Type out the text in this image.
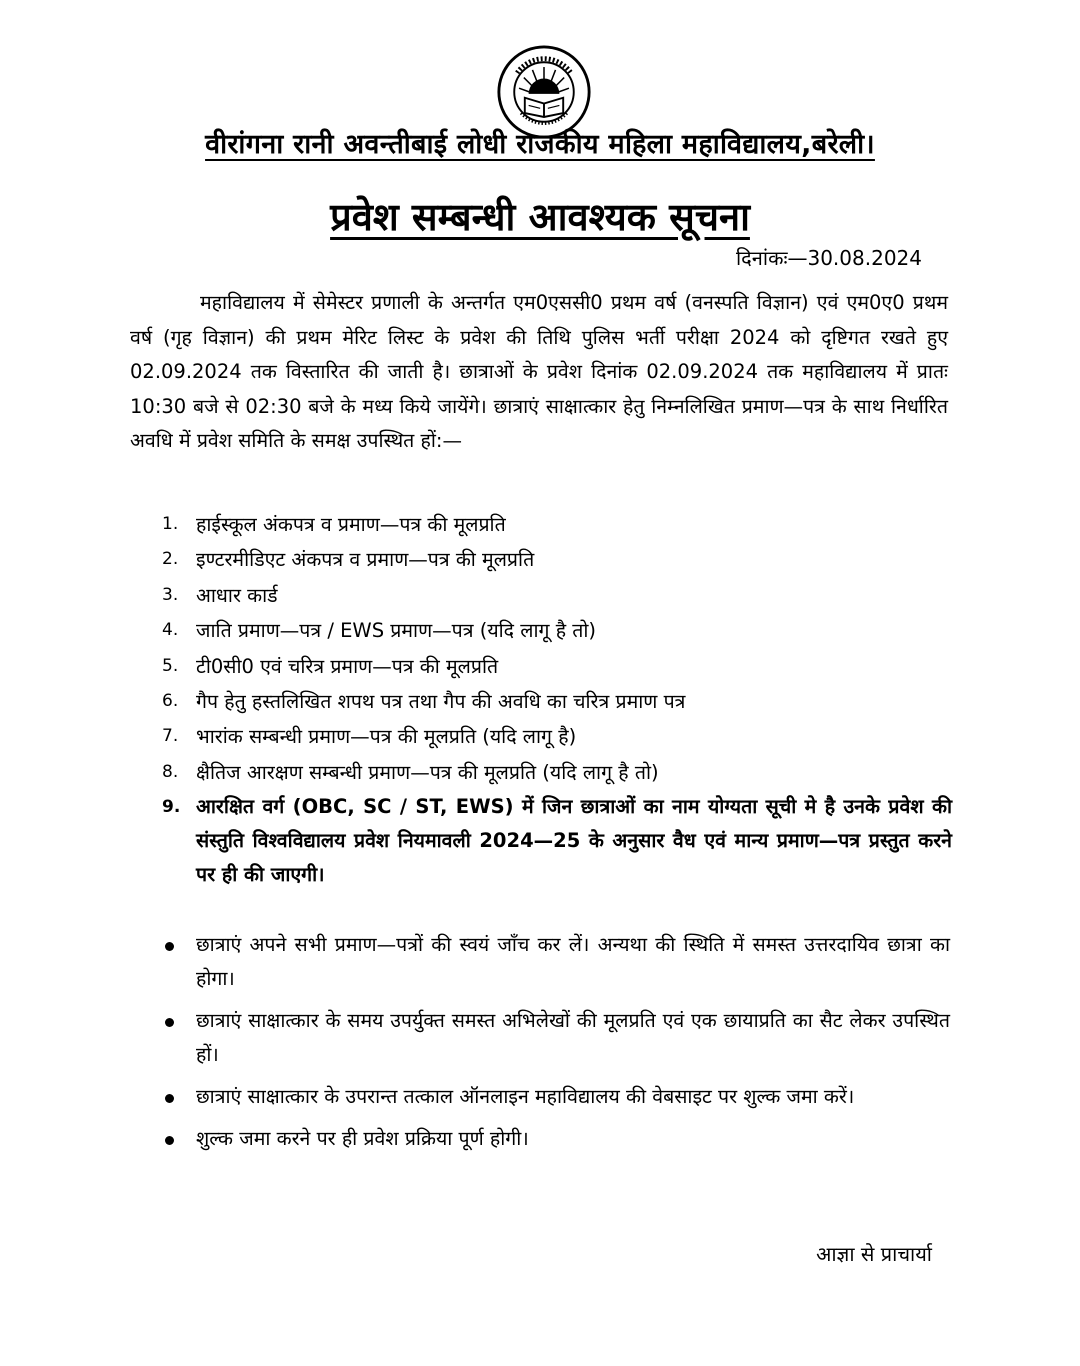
वीरांगना रानी अवन्तीबाई लोधी राजकीय महिला महाविद्यालय,बरेली।
प्रवेश सम्बन्धी आवश्यक सूचना
दिनांकः—30.08.2024

महाविद्यालय में सेमेस्टर प्रणाली के अन्तर्गत एम0एससी0 प्रथम वर्ष (वनस्पति विज्ञान) एवं एम0ए0 प्रथम वर्ष (गृह विज्ञान) की प्रथम मेरिट लिस्ट के प्रवेश की तिथि पुलिस भर्ती परीक्षा 2024 को दृष्टिगत रखते हुए 02.09.2024 तक विस्तारित की जाती है। छात्राओं के प्रवेश दिनांक 02.09.2024 तक महाविद्यालय में प्रातः 10:30 बजे से 02:30 बजे के मध्य किये जायेंगे। छात्राएं साक्षात्कार हेतु निम्नलिखित प्रमाण—पत्र के साथ निर्धारित अवधि में प्रवेश समिति के समक्ष उपस्थित हों:—

1. हाईस्कूल अंकपत्र व प्रमाण—पत्र की मूलप्रति
2. इण्टरमीडिएट अंकपत्र व प्रमाण—पत्र की मूलप्रति
3. आधार कार्ड
4. जाति प्रमाण—पत्र / EWS प्रमाण—पत्र (यदि लागू है तो)
5. टी0सी0 एवं चरित्र प्रमाण—पत्र की मूलप्रति
6. गैप हेतु हस्तलिखित शपथ पत्र तथा गैप की अवधि का चरित्र प्रमाण पत्र
7. भारांक सम्बन्धी प्रमाण—पत्र की मूलप्रति (यदि लागू है)
8. क्षैतिज आरक्षण सम्बन्धी प्रमाण—पत्र की मूलप्रति (यदि लागू है तो)
9. आरक्षित वर्ग (OBC, SC / ST, EWS) में जिन छात्राओं का नाम योग्यता सूची मे है उनके प्रवेश की संस्तुति विश्वविद्यालय प्रवेश नियमावली 2024—25 के अनुसार वैध एवं मान्य प्रमाण—पत्र प्रस्तुत करने पर ही की जाएगी।
छात्राएं अपने सभी प्रमाण—पत्रों की स्वयं जाँच कर लें। अन्यथा की स्थिति में समस्त उत्तरदायिव छात्रा का होगा।
छात्राएं साक्षात्कार के समय उपर्युक्त समस्त अभिलेखों की मूलप्रति एवं एक छायाप्रति का सैट लेकर उपस्थित हों।
छात्राएं साक्षात्कार के उपरान्त तत्काल ऑनलाइन महाविद्यालय की वेबसाइट पर शुल्क जमा करें।
शुल्क जमा करने पर ही प्रवेश प्रक्रिया पूर्ण होगी।
आज्ञा से प्राचार्या
